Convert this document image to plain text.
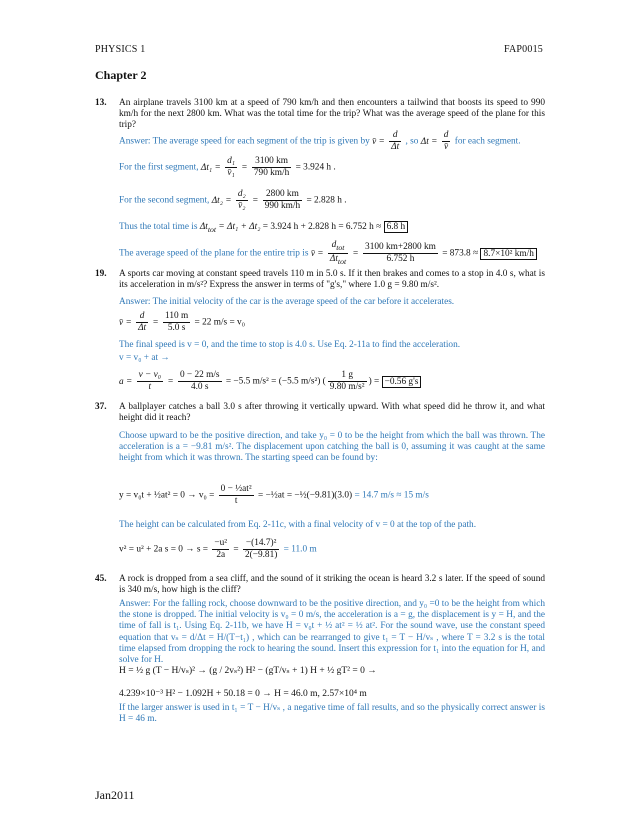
PHYSICS 1	FAP0015
Chapter 2
13. An airplane travels 3100 km at a speed of 790 km/h and then encounters a tailwind that boosts its speed to 990 km/h for the next 2800 km. What was the total time for the trip? What was the average speed of the plane for this trip?
Answer: The average speed for each segment of the trip is given by v̄ = $\frac{d}{\Delta t}$ , so $\Delta t = \frac{d}{v̄}$ for each segment.
For the first segment, $\Delta t_1 = \frac{\text{d₁}}{\text{v̄₁}} = \frac{3100 km}{790 km/h} = 3.924$ h .
For the second segment, $\Delta t_2 = \frac{\text{d₂}}{\text{v̄₂}} = \frac{2800 km}{990 km/h} = 2.828$ h .
Thus the total time is $\Delta t_{tot} = \Delta t_1 + \Delta t_2 = 3.924$ h + 2.828 h = 6.752 h ≈ 6.8 h
The average speed of the plane for the entire trip is v̄ = $\frac{d_{tot}}{\Delta t_{tot}} = \frac{3100 km+2800 km}{6.752 h} = 873.8 \approx 8.7\times 10^2$ km/h
19. A sports car moving at constant speed travels 110 m in 5.0 s. If it then brakes and comes to a stop in 4.0 s, what is its acceleration in m/s²? Express the answer in terms of "g's," where 1.0 g = 9.80 m/s².
Answer: The initial velocity of the car is the average speed of the car before it accelerates.
v̄ = $\frac{d}{\Delta t} = \frac{110 m}{5.0 s} = 22$ m/s = v₀
The final speed is v = 0, and the time to stop is 4.0 s. Use Eq. 2-11a to find the acceleration.
v = v₀ + at →
$a = \frac{\text{v − v₀}}{t} = \frac{0 - 22 m/s}{4.0 s} = -5.5$ m/s² = (−5.5 m/s²) ( $\frac{1 g}{\text{9.80 m/s²}}$ ) = −0.56 g's
37. A ballplayer catches a ball 3.0 s after throwing it vertically upward. With what speed did he throw it, and what height did it reach?
Choose upward to be the positive direction, and take y₀ = 0 to be the height from which the ball was thrown. The acceleration is a = −9.81 m/s². The displacement upon catching the ball is 0, assuming it was caught at the same height from which it was thrown. The starting speed can be found by:
y = v₀t + ½at² = $0 \to v_0 = \frac{\text{0 − ½at²}}{t}$ = −½at = −½(−9.81)(3.0) = 14.7 m/s ≈ 15 m/s
The height can be calculated from Eq. 2-11c, with a final velocity of v = 0 at the top of the path.
v² = u² + 2a $s = 0 \to s = \frac{\text{−u²}}{2a} = \frac{\text{−(14.7)²}}{2(-9.81)} = 11.0$ m
45. A rock is dropped from a sea cliff, and the sound of it striking the ocean is heard 3.2 s later. If the speed of sound is 340 m/s, how high is the cliff?
Answer: For the falling rock, choose downward to be the positive direction, and y₀ =0 to be the height from which the stone is dropped. The initial velocity is v₀ = 0 m/s, the acceleration is a = g, the displacement is y = H, and the time of fall is t₁. Using Eq. 2-11b, we have H = v₀t + ½ at² = ½ at². For the sound wave, use the constant speed equation that vₛ = d/Δt = H/(T−t₁) , which can be rearranged to give t₁ = T − H/vₛ , where T = 3.2 s is the total time elapsed from dropping the rock to hearing the sound. Insert this expression for t₁ into the equation for H, and solve for H.
H = ½ g (T − H/vₛ)² → (g / 2vₛ²) H² − (gT/vₛ + 1) H + ½ gT² = 0 →
4.239×10⁻³ H² − 1.092H + 50.18 = 0 → H = 46.0 m, 2.57×10⁴ m
If the larger answer is used in t₁ = T − H/vₛ , a negative time of fall results, and so the physically correct answer is H = 46 m.
Jan2011
